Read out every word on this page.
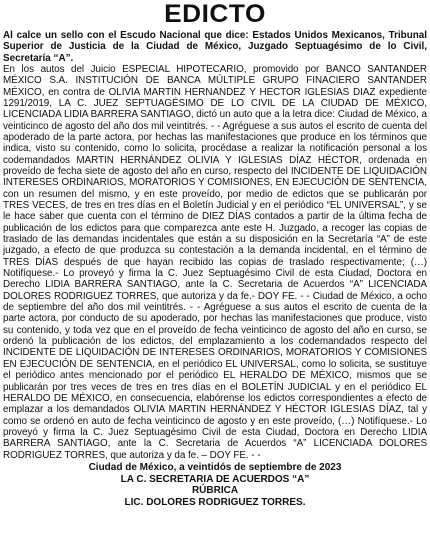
EDICTO

Al calce un sello con el Escudo Nacional que dice: Estados Unidos Mexicanos, Tribunal Superior de Justicia de la Ciudad de México, Juzgado Septuagésimo de lo Civil, Secretaría “A”.

En los autos del Juicio ESPECIAL HIPOTECARIO, promovido por BANCO SANTANDER MÉXICO S.A. INSTITUCIÓN DE BANCA MÚLTIPLE GRUPO FINACIERO SANTANDER MÉXICO, en contra de OLIVIA MARTIN HERNANDEZ Y HECTOR IGLESIAS DIAZ expediente 1291/2019, LA C. JUEZ SEPTUAGÉSIMO DE LO CIVIL DE LA CIUDAD DE MÉXICO, LICENCIADA LIDIA BARRERA SANTIAGO, dictó un auto que a la letra dice: Ciudad de México, a veinticinco de agosto del año dos mil veintitrés. - - Agréguese a sus autos el escrito de cuenta del apoderado de la parte actora, por hechas las manifestaciones que produce en los términos que indica, visto su contenido, como lo solicita, procédase a realizar la notificación personal a los codemandados MARTIN HERNÁNDEZ OLIVIA Y IGLESIAS DÍAZ HÉCTOR, ordenada en proveído de fecha siete de agosto del año en curso, respecto del INCIDENTE DE LIQUIDACIÓN INTERESES ORDINARIOS, MORATORIOS Y COMISIONES, EN EJECUCIÓN DE SENTENCIA, con un resumen del mismo, y en este proveído, por medio de edictos que se publicarán por TRES VECES, de tres en tres días en el Boletín Judicial y en el periódico “EL UNIVERSAL”, y se le hace saber que cuenta con el término de DIEZ DÍAS contados a partir de la última fecha de publicación de los edictos para que comparezca ante este H. Juzgado, a recoger las copias de traslado de las demandas incidentales que están a su disposición en la Secretaría “A” de este juzgado, a efecto de que produzca su contestación a la demanda incidental, en el término de TRES DÍAS después de que hayan recibido las copias de traslado respectivamente; (…) Notifíquese.- Lo proveyó y firma la C. Juez Septuagésimo Civil de esta Ciudad, Doctora en Derecho LIDIA BARRERA SANTIAGO, ante la C. Secretaria de Acuerdos “A” LICENCIADA DOLORES RODRIGUEZ TORRES, que autoriza y da fe.- DOY FE. - - Ciudad de México, a ocho de septiembre del año dos mil veintitrés. - - Agréguese a sus autos el escrito de cuenta de la parte actora, por conducto de su apoderado, por hechas las manifestaciones que produce, visto su contenido, y toda vez que en el proveído de fecha veinticinco de agosto del año en curso, se ordenó la publicación de los edictos, del emplazamiento a los codemandados respecto del INCIDENTE DE LIQUIDACIÓN DE INTERESES ORDINARIOS, MORATORIOS Y COMISIONES EN EJECUCIÓN DE SENTENCIA, en el periódico EL UNIVERSAL, como lo solicita, se sustituye el periódico antes mencionado por el periódico EL HERALDO DE MÉXICO, mismos que se publicarán por tres veces de tres en tres días en el BOLETÍN JUDICIAL y en el periódico EL HERALDO DE MÉXICO, en consecuencia, elabórense los edictos correspondientes a efecto de emplazar a los demandados OLIVIA MARTIN HERNÁNDEZ Y HÉCTOR IGLESIAS DÍAZ, tal y como se ordenó en auto de fecha veinticinco de agosto y en este proveído, (…) Notifíquese.- Lo proveyó y firma la C. Juez Septuagésimo Civil de esta Ciudad, Doctora en Derecho LIDIA BARRERA SANTIAGO, ante la C. Secretaria de Acuerdos “A” LICENCIADA DOLORES RODRIGUEZ TORRES, que autoriza y da fe. – DOY FE. - -

Ciudad de México, a veintidós de septiembre de 2023
LA C. SECRETARIA DE ACUERDOS “A”
RÚBRICA
LIC. DOLORES RODRIGUEZ TORRES.
